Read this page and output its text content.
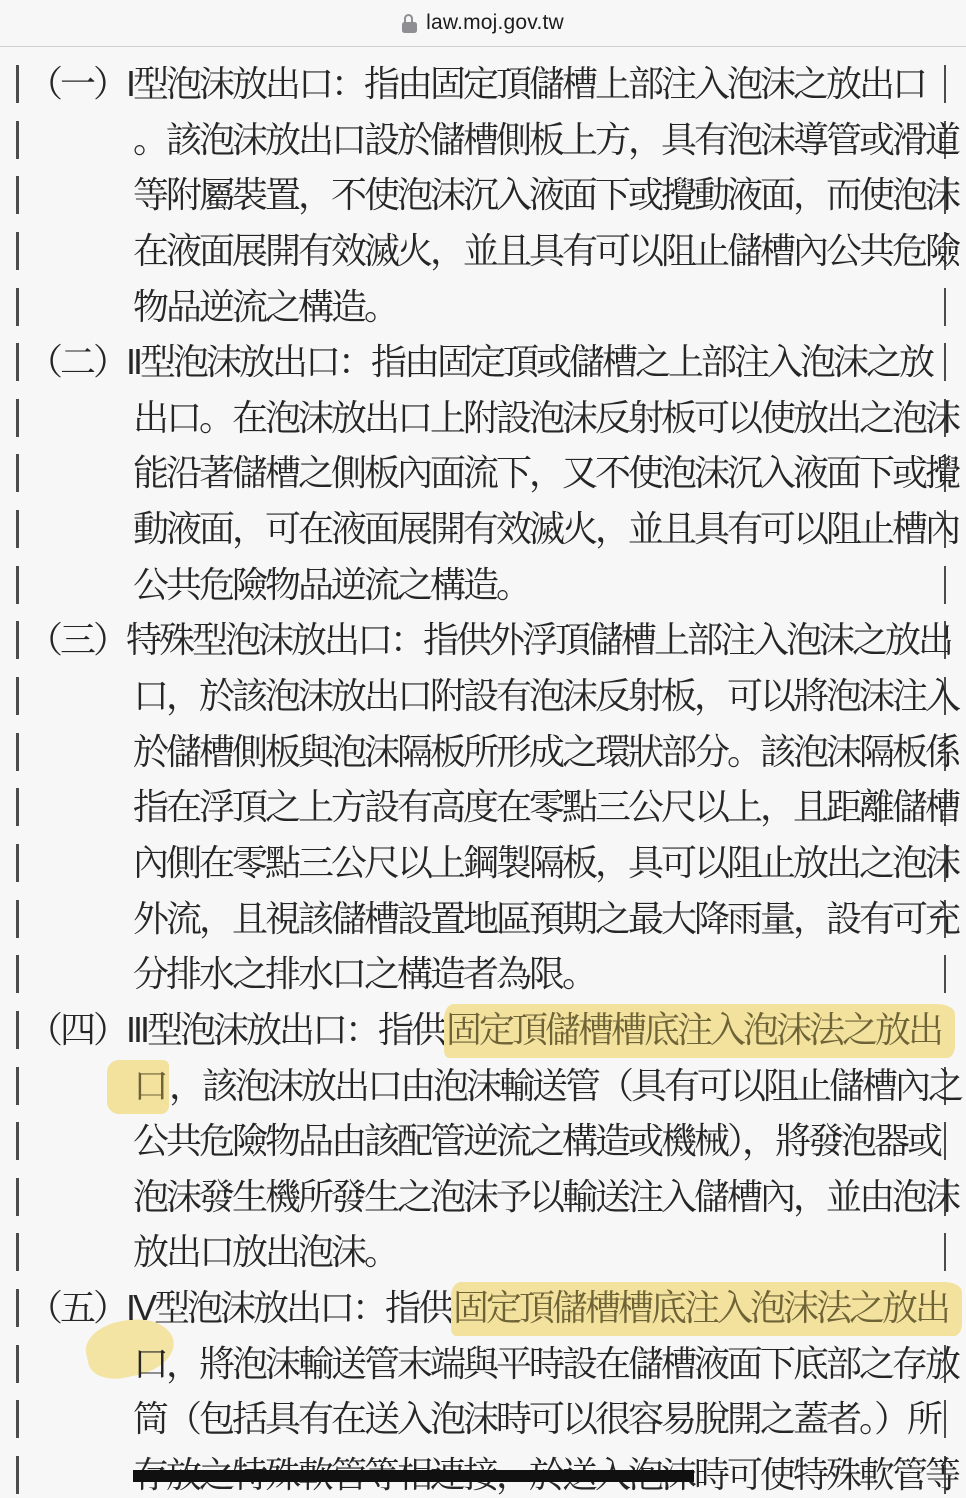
law.moj.gov.tw
（一）I型泡沫放出口：指由固定頂儲槽上部注入泡沫之放出口
。該泡沫放出口設於儲槽側板上方，具有泡沫導管或滑道
等附屬裝置，不使泡沫沉入液面下或攪動液面，而使泡沫
在液面展開有效滅火，並且具有可以阻止儲槽內公共危險
物品逆流之構造。
（二）II型泡沫放出口：指由固定頂或儲槽之上部注入泡沫之放
出口。在泡沫放出口上附設泡沫反射板可以使放出之泡沫
能沿著儲槽之側板內面流下，又不使泡沫沉入液面下或攪
動液面，可在液面展開有效滅火，並且具有可以阻止槽內
公共危險物品逆流之構造。
（三）特殊型泡沫放出口：指供外浮頂儲槽上部注入泡沫之放出
口，於該泡沫放出口附設有泡沫反射板，可以將泡沫注入
於儲槽側板與泡沫隔板所形成之環狀部分。該泡沫隔板係
指在浮頂之上方設有高度在零點三公尺以上，且距離儲槽
內側在零點三公尺以上鋼製隔板，具可以阻止放出之泡沫
外流，且視該儲槽設置地區預期之最大降雨量，設有可充
分排水之排水口之構造者為限。
（四）III型泡沫放出口：指供固定頂儲槽槽底注入泡沫法之放出
口，該泡沫放出口由泡沫輸送管（具有可以阻止儲槽內之
公共危險物品由該配管逆流之構造或機械），將發泡器或
泡沫發生機所發生之泡沫予以輸送注入儲槽內，並由泡沫
放出口放出泡沫。
（五）IV型泡沫放出口：指供固定頂儲槽槽底注入泡沫法之放出
口，將泡沫輸送管末端與平時設在儲槽液面下底部之存放
筒（包括具有在送入泡沫時可以很容易脫開之蓋者。）所
存放之特殊軟管等相連接，於送入泡沫時可使特殊軟管等
